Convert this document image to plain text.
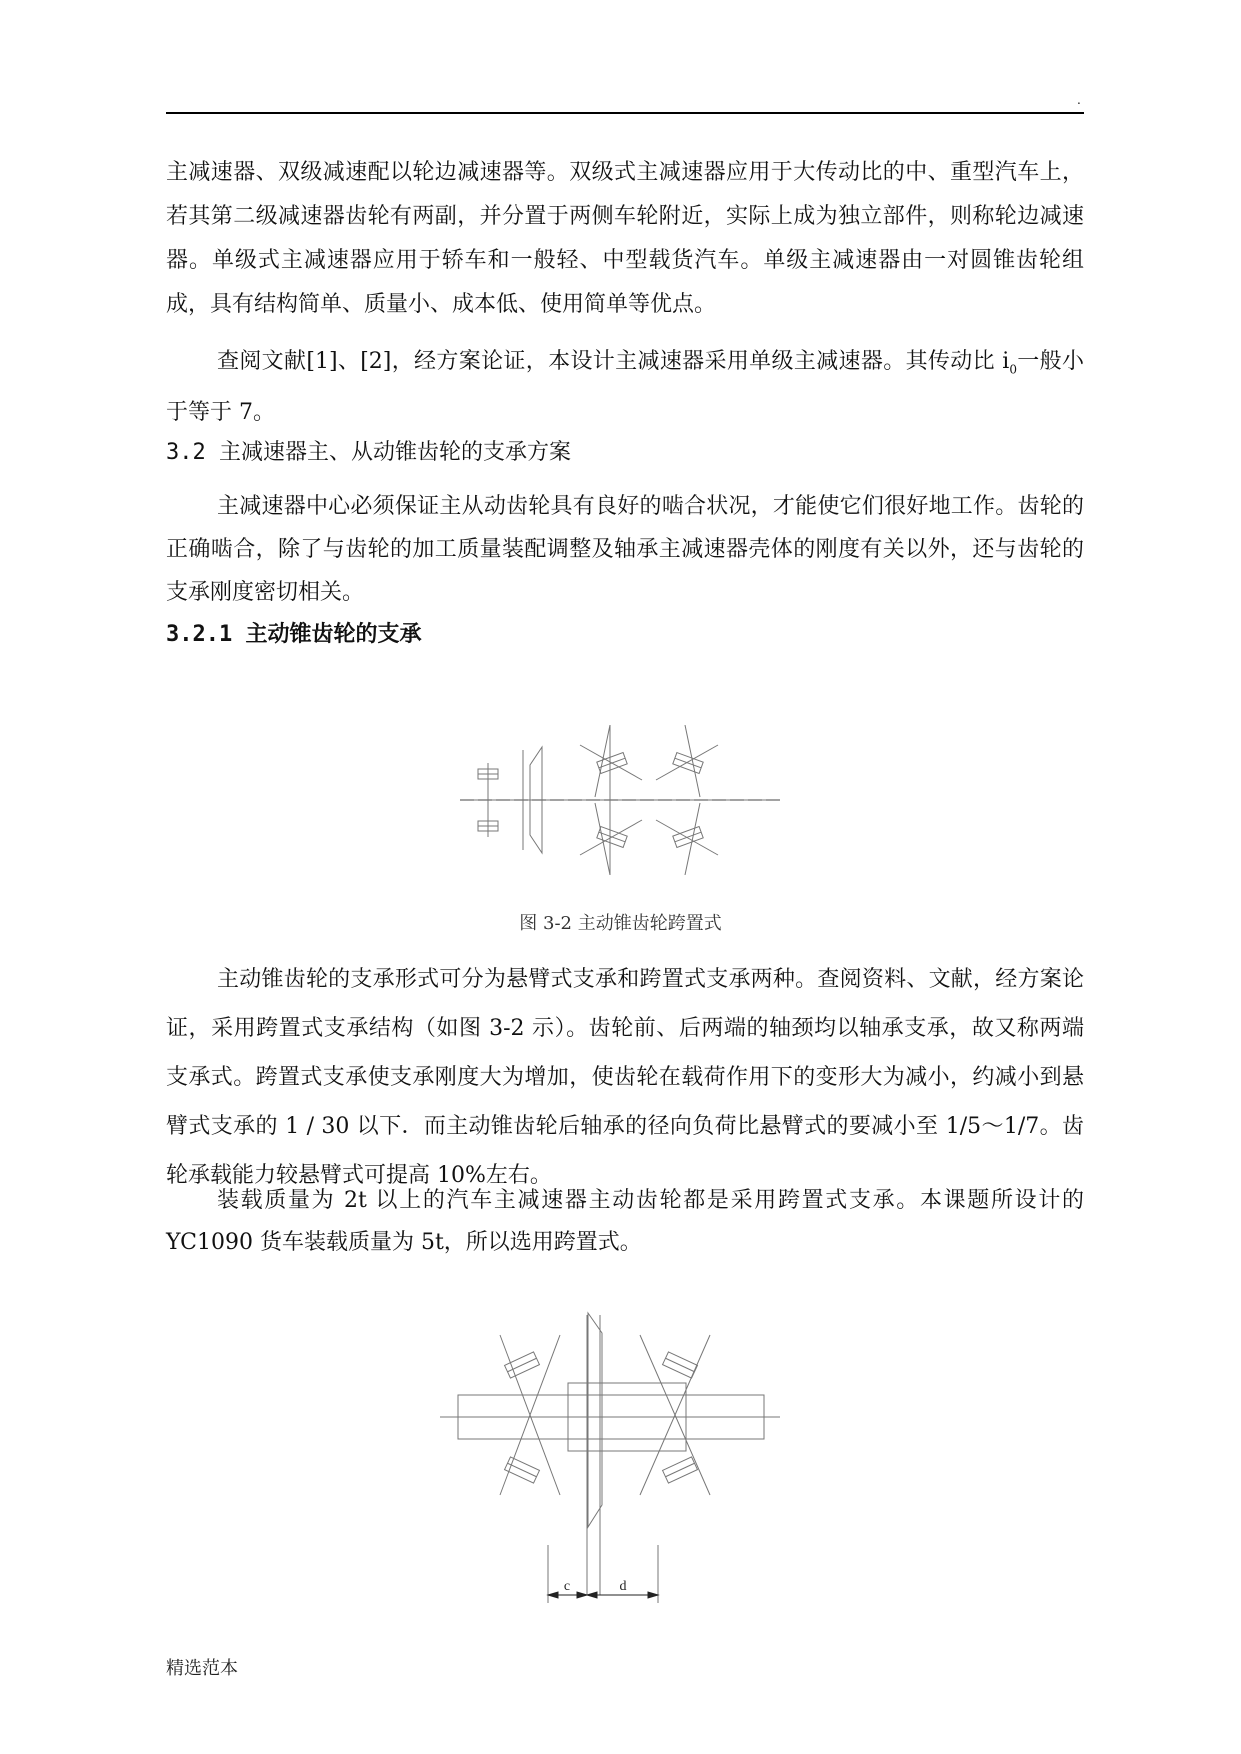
.

主减速器、双级减速配以轮边减速器等。双级式主减速器应用于大传动比的中、重型汽车上，若其第二级减速器齿轮有两副，并分置于两侧车轮附近，实际上成为独立部件，则称轮边减速器。单级式主减速器应用于轿车和一般轻、中型载货汽车。单级主减速器由一对圆锥齿轮组成，具有结构简单、质量小、成本低、使用简单等优点。

查阅文献[1]、[2]，经方案论证，本设计主减速器采用单级主减速器。其传动比 $i_0$一般小于等于 7。

3.2 主减速器主、从动锥齿轮的支承方案

主减速器中心必须保证主从动齿轮具有良好的啮合状况，才能使它们很好地工作。齿轮的正确啮合，除了与齿轮的加工质量装配调整及轴承主减速器壳体的刚度有关以外，还与齿轮的支承刚度密切相关。

3.2.1 主动锥齿轮的支承
图 3-2 主动锥齿轮跨置式

主动锥齿轮的支承形式可分为悬臂式支承和跨置式支承两种。查阅资料、文献，经方案论证，采用跨置式支承结构（如图 3-2 示）。齿轮前、后两端的轴颈均以轴承支承，故又称两端支承式。跨置式支承使支承刚度大为增加，使齿轮在载荷作用下的变形大为减小，约减小到悬臂式支承的 1 / 30 以下．而主动锥齿轮后轴承的径向负荷比悬臂式的要减小至 1/5～1/7。齿轮承载能力较悬臂式可提高 10%左右。

装载质量为 2t 以上的汽车主减速器主动齿轮都是采用跨置式支承。本课题所设计的 YC1090 货车装载质量为 5t，所以选用跨置式。

c	d
精选范本
